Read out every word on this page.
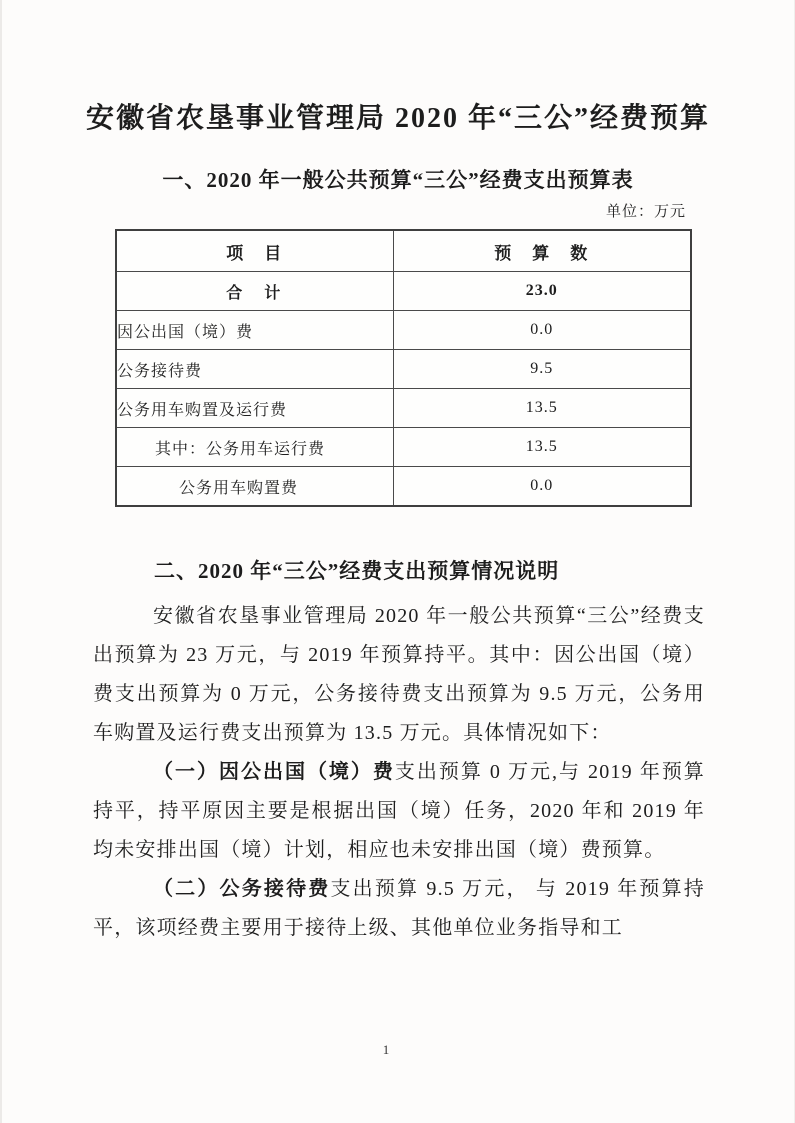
安徽省农垦事业管理局 2020 年“三公”经费预算
一、2020 年一般公共预算“三公”经费支出预算表
单位：万元
项　目	预　算　数
合　计	23.0
因公出国（境）费	0.0
公务接待费	9.5
公务用车购置及运行费	13.5
其中：公务用车运行费	13.5
公务用车购置费	0.0
二、2020 年“三公”经费支出预算情况说明

安徽省农垦事业管理局 2020 年一般公共预算“三公”经费支出预算为 23 万元，与 2019 年预算持平。其中：因公出国（境）费支出预算为 0 万元，公务接待费支出预算为 9.5 万元，公务用车购置及运行费支出预算为 13.5 万元。具体情况如下：

（一）因公出国（境）费支出预算 0 万元,与 2019 年预算持平，持平原因主要是根据出国（境）任务，2020 年和 2019 年均未安排出国（境）计划，相应也未安排出国（境）费预算。

（二）公务接待费支出预算 9.5 万元， 与 2019 年预算持平，该项经费主要用于接待上级、其他单位业务指导和工

1
